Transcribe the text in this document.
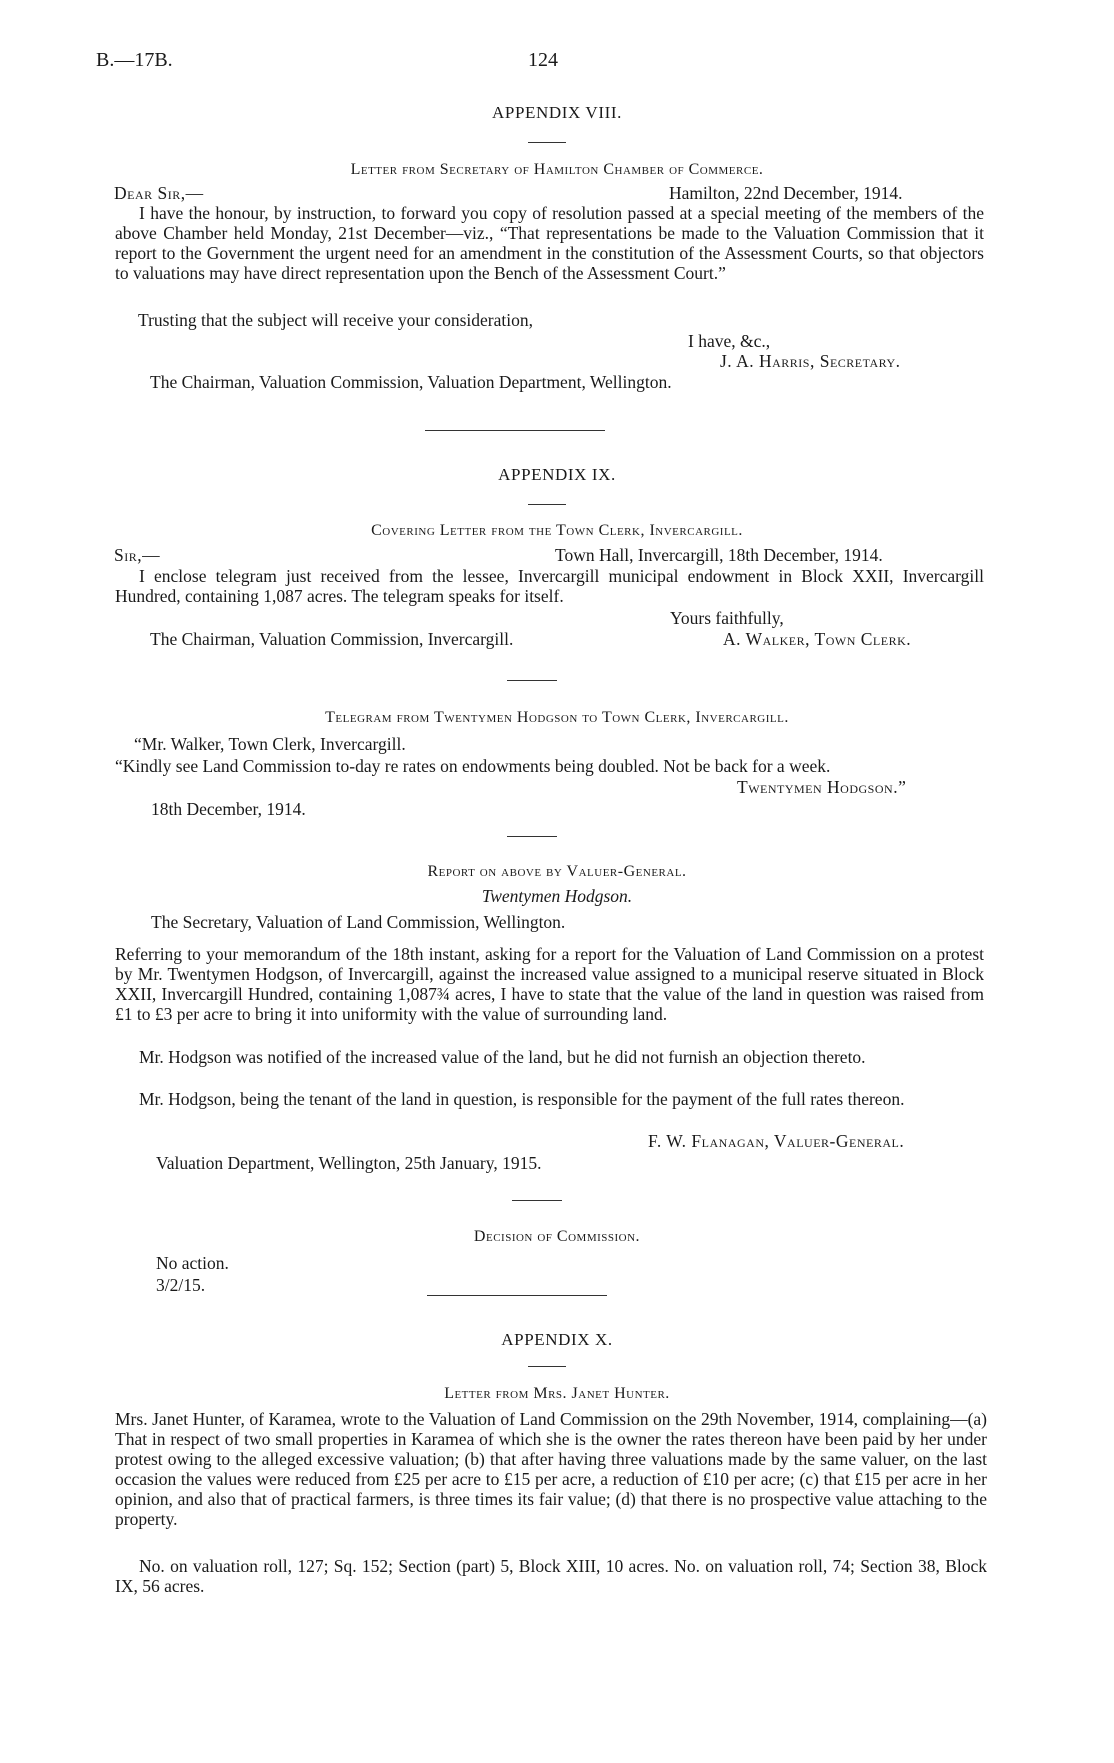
B.—17B.	124
APPENDIX VIII.
Letter from Secretary of Hamilton Chamber of Commerce.
Dear Sir,—	Hamilton, 22nd December, 1914.

I have the honour, by instruction, to forward you copy of resolution passed at a special meeting of the members of the above Chamber held Monday, 21st December—viz., “That representations be made to the Valuation Commission that it report to the Government the urgent need for an amendment in the constitution of the Assessment Courts, so that objectors to valuations may have direct representation upon the Bench of the Assessment Court.”

Trusting that the subject will receive your consideration,
I have, &c.,
J. A. Harris, Secretary.
The Chairman, Valuation Commission, Valuation Department, Wellington.
APPENDIX IX.
Covering Letter from the Town Clerk, Invercargill.
Sir,—	Town Hall, Invercargill, 18th December, 1914.

I enclose telegram just received from the lessee, Invercargill municipal endowment in Block XXII, Invercargill Hundred, containing 1,087 acres. The telegram speaks for itself.

Yours faithfully,
The Chairman, Valuation Commission, Invercargill.	A. Walker, Town Clerk.
Telegram from Twentymen Hodgson to Town Clerk, Invercargill.
“Mr. Walker, Town Clerk, Invercargill.

“Kindly see Land Commission to-day re rates on endowments being doubled. Not be back for a week.

Twentymen Hodgson.”
18th December, 1914.
Report on above by Valuer-General.
Twentymen Hodgson.
The Secretary, Valuation of Land Commission, Wellington.

Referring to your memorandum of the 18th instant, asking for a report for the Valuation of Land Commission on a protest by Mr. Twentymen Hodgson, of Invercargill, against the increased value assigned to a municipal reserve situated in Block XXII, Invercargill Hundred, containing 1,087¾ acres, I have to state that the value of the land in question was raised from £1 to £3 per acre to bring it into uniformity with the value of surrounding land.

Mr. Hodgson was notified of the increased value of the land, but he did not furnish an objection thereto.

Mr. Hodgson, being the tenant of the land in question, is responsible for the payment of the full rates thereon.

F. W. Flanagan, Valuer-General.
Valuation Department, Wellington, 25th January, 1915.
Decision of Commission.
No action.
3/2/15.
APPENDIX X.
Letter from Mrs. Janet Hunter.

Mrs. Janet Hunter, of Karamea, wrote to the Valuation of Land Commission on the 29th November, 1914, complaining—(a) That in respect of two small properties in Karamea of which she is the owner the rates thereon have been paid by her under protest owing to the alleged excessive valuation; (b) that after having three valuations made by the same valuer, on the last occasion the values were reduced from £25 per acre to £15 per acre, a reduction of £10 per acre; (c) that £15 per acre in her opinion, and also that of practical farmers, is three times its fair value; (d) that there is no prospective value attaching to the property.

No. on valuation roll, 127; Sq. 152; Section (part) 5, Block XIII, 10 acres. No. on valuation roll, 74; Section 38, Block IX, 56 acres.
